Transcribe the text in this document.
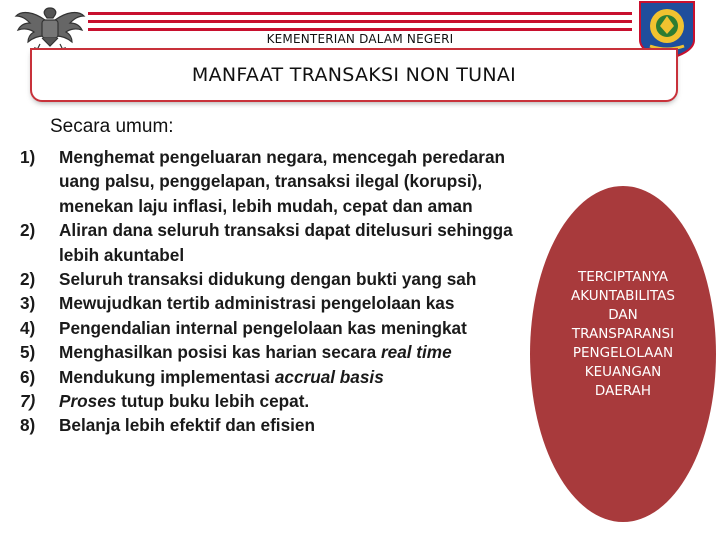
KEMENTERIAN DALAM NEGERI
MANFAAT TRANSAKSI NON TUNAI
Secara umum:
1)	Menghemat pengeluaran negara, mencegah peredaran uang palsu, penggelapan, transaksi ilegal (korupsi), menekan laju inflasi, lebih mudah, cepat dan aman
2)	Aliran dana seluruh transaksi dapat ditelusuri sehingga lebih akuntabel
2)	Seluruh transaksi didukung dengan bukti yang sah
3)	Mewujudkan tertib administrasi pengelolaan kas
4)	Pengendalian internal pengelolaan kas meningkat
5)	Menghasilkan posisi kas harian secara real time
6)	Mendukung implementasi accrual basis
7)	Proses tutup buku lebih cepat.
8)	Belanja lebih efektif dan efisien
TERCIPTANYA
AKUNTABILITAS
DAN
TRANSPARANSI
PENGELOLAAN
KEUANGAN
DAERAH
